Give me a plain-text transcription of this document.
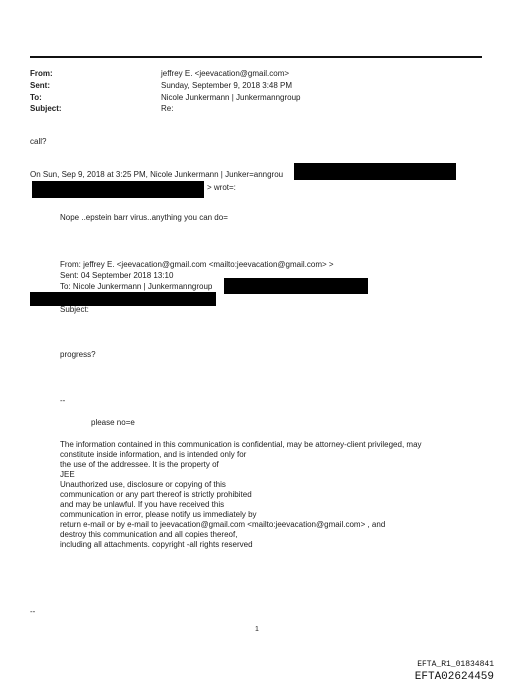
From:
Sent:
To:
Subject:
jeffrey E. <jeevacation@gmail.com>
Sunday, September 9, 2018 3:48 PM
Nicole Junkermann | Junkermanngroup
Re:
call?
On Sun, Sep 9, 2018 at 3:25 PM, Nicole Junkermann | Junker=anngrou
> wrot=:
Nope ..epstein barr virus..anything you can do=
From: jeffrey E. <jeevacation@gmail.com <mailto:jeevacation@gmail.com> >
Sent: 04 September 2018 13:10
To: Nicole Junkermann | Junkermanngroup
Subject:
progress?
--
please no=e
The information contained in this communication is confidential, may be attorney-client privileged, may
constitute inside information, and is intended only for
the use of the addressee. It is the property of
JEE
Unauthorized use, disclosure or copying of this
communication or any part thereof is strictly prohibited
and may be unlawful. If you have received this
communication in error, please notify us immediately by
return e-mail or by e-mail to jeevacation@gmail.com <mailto:jeevacation@gmail.com> , and
destroy this communication and all copies thereof,
including all attachments. copyright -all rights reserved
--
1
EFTA_R1_01834841
EFTA02624459
